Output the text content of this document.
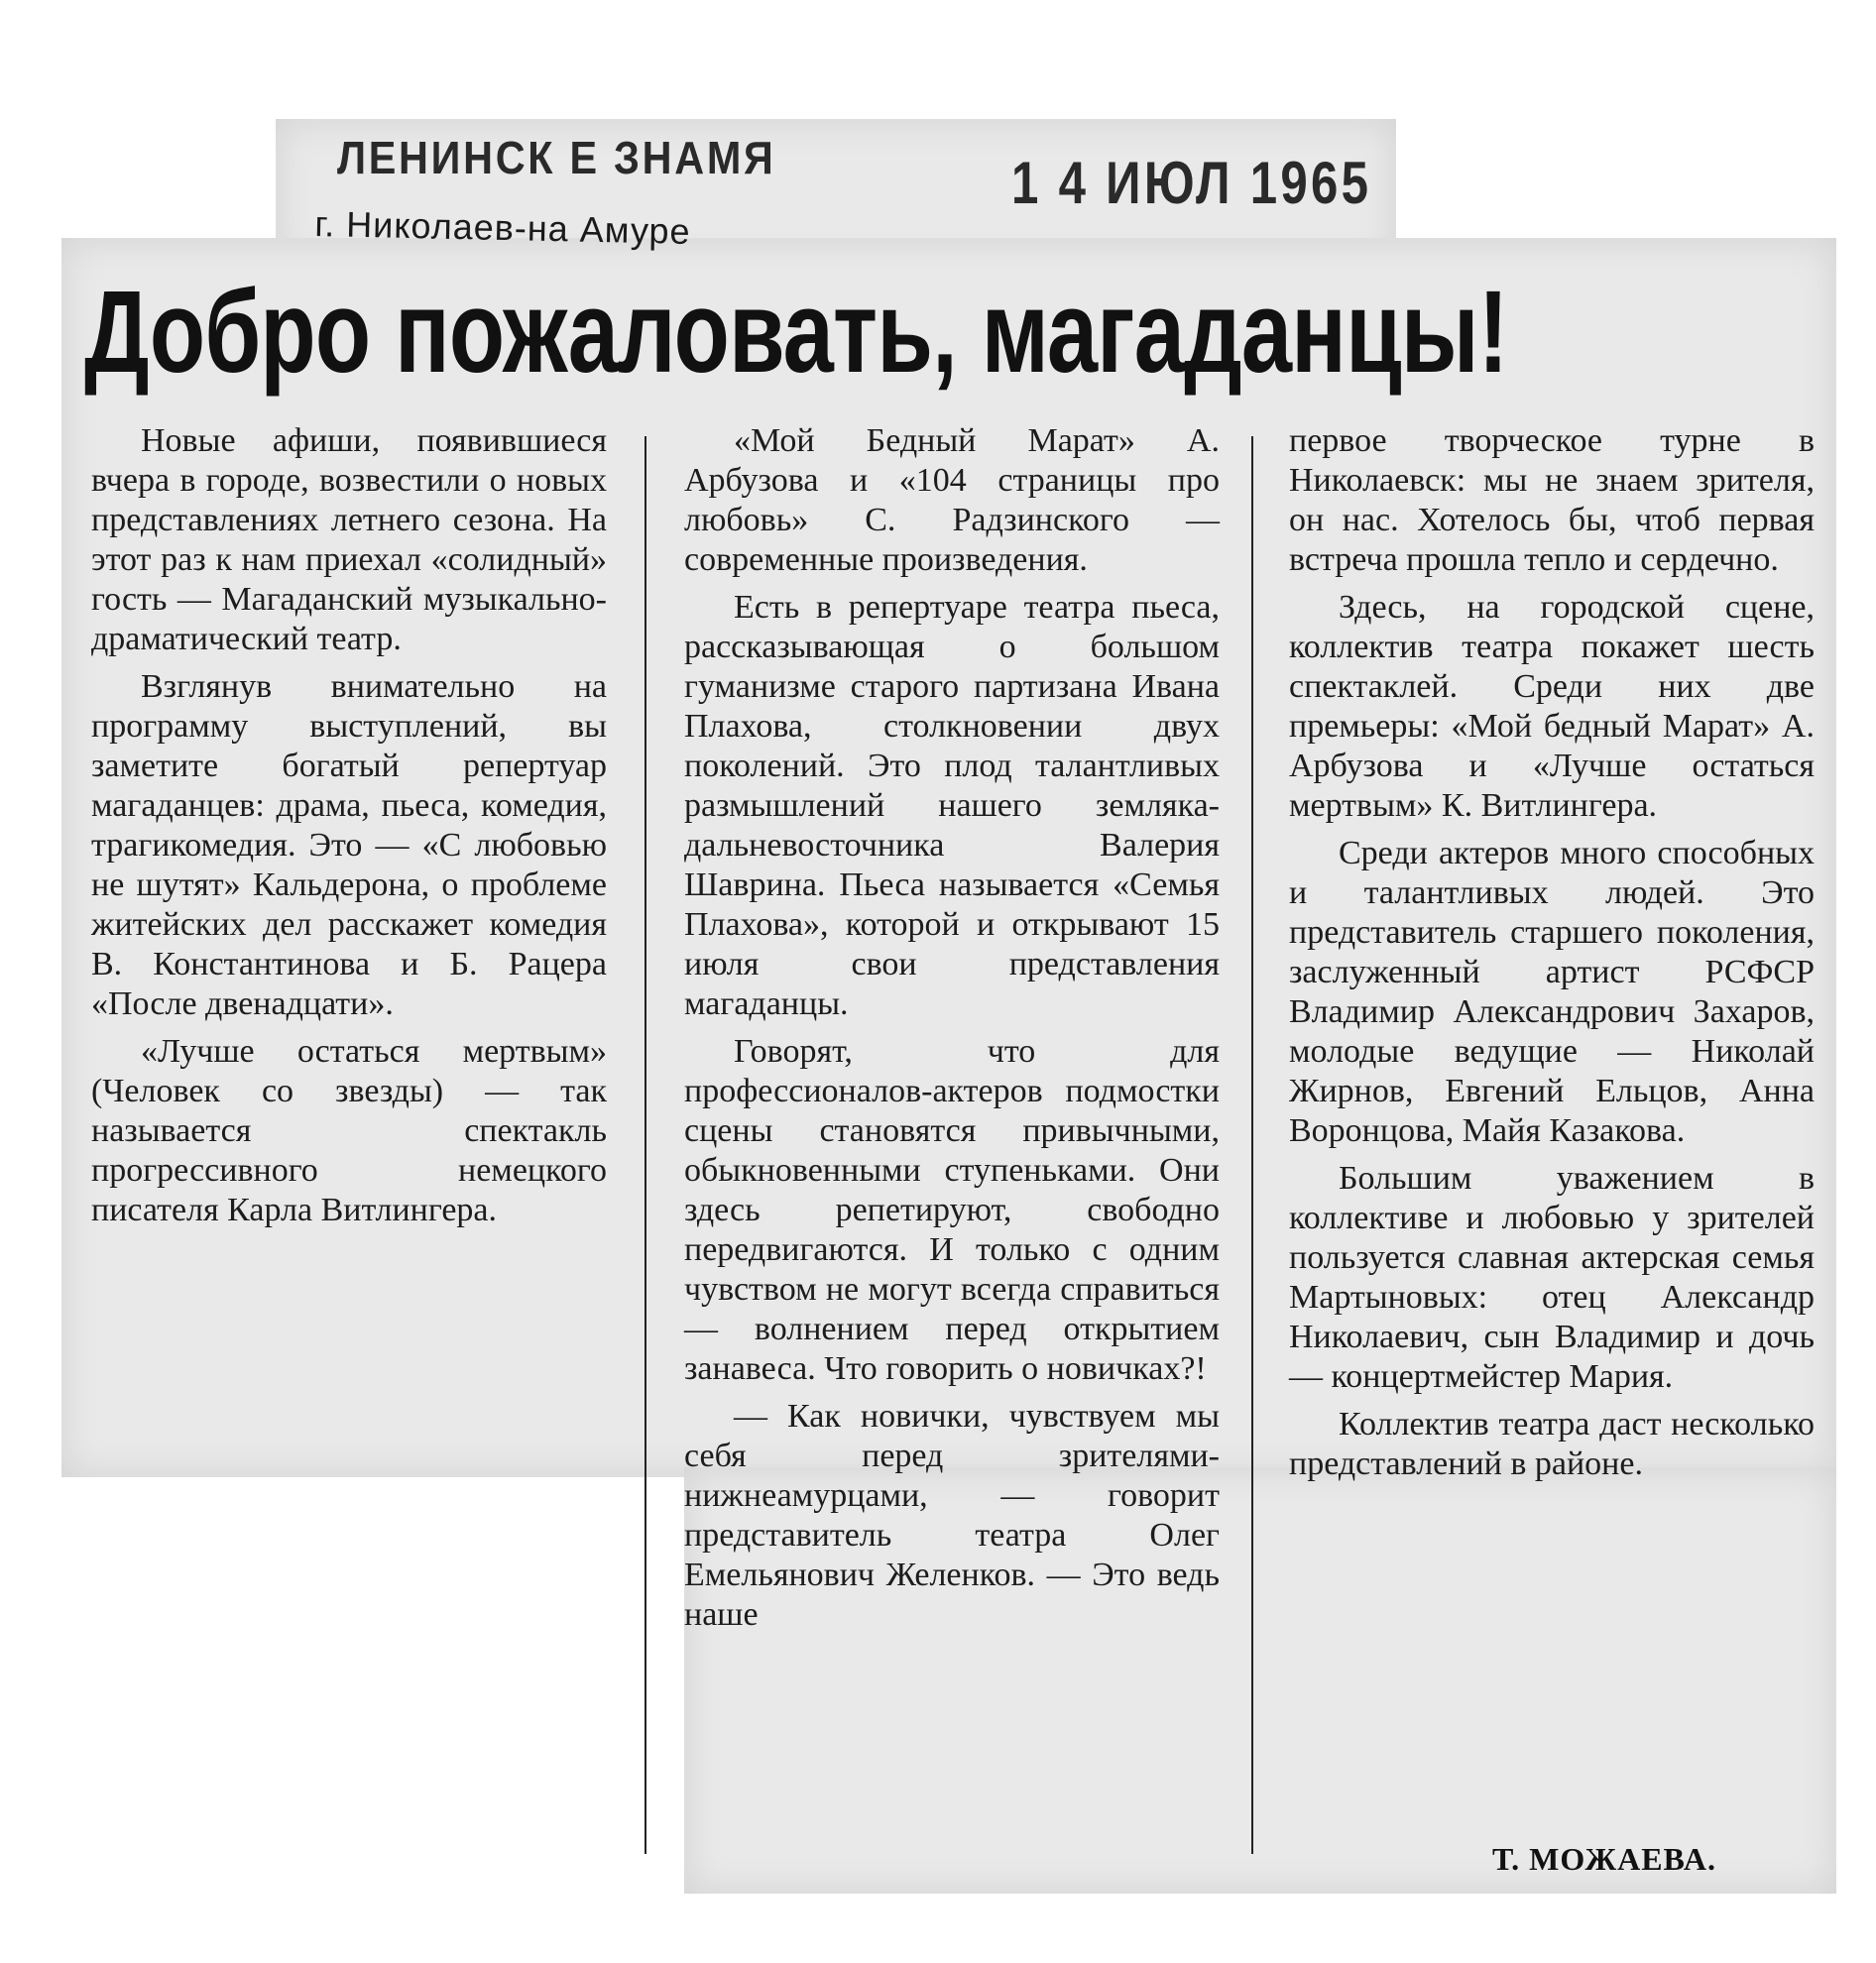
ЛЕНИНСК Е ЗНАМЯ	1 4 ИЮЛ 1965
г. Николаев-на Амуре
Добро пожаловать, магаданцы!

Новые афиши, появившиеся вчера в городе, возвестили о новых представлениях летнего сезона. На этот раз к нам приехал «солидный» гость — Магаданский музыкально-драматический театр.

Взглянув внимательно на программу выступлений, вы заметите богатый репертуар магаданцев: драма, пьеса, комедия, трагикомедия. Это — «С любовью не шутят» Кальдерона, о проблеме житейских дел расскажет комедия В. Константинова и Б. Рацера «После двенадцати».

«Лучше остаться мертвым» (Человек со звезды) — так называется спектакль прогрессивного немецкого писателя Карла Витлингера.

«Мой Бедный Марат» А. Арбузова и «104 страницы про любовь» С. Радзинского — современные произведения.

Есть в репертуаре театра пьеса, рассказывающая о большом гуманизме старого партизана Ивана Плахова, столкновении двух поколений. Это плод талантливых размышлений нашего земляка-дальневосточника Валерия Шаврина. Пьеса называется «Семья Плахова», которой и открывают 15 июля свои представления магаданцы.

Говорят, что для профессионалов-актеров подмостки сцены становятся привычными, обыкновенными ступеньками. Они здесь репетируют, свободно передвигаются. И только с одним чувством не могут всегда справиться — волнением перед открытием занавеса. Что говорить о новичках?!

— Как новички, чувствуем мы себя перед зрителями-нижнеамурцами, — говорит представитель театра Олег Емельянович Желенков. — Это ведь наше

первое творческое турне в Николаевск: мы не знаем зрителя, он нас. Хотелось бы, чтоб первая встреча прошла тепло и сердечно.

Здесь, на городской сцене, коллектив театра покажет шесть спектаклей. Среди них две премьеры: «Мой бедный Марат» А. Арбузова и «Лучше остаться мертвым» К. Витлингера.

Среди актеров много способных и талантливых людей. Это представитель старшего поколения, заслуженный артист РСФСР Владимир Александрович Захаров, молодые ведущие — Николай Жирнов, Евгений Ельцов, Анна Воронцова, Майя Казакова.

Большим уважением в коллективе и любовью у зрителей пользуется славная актерская семья Мартыновых: отец Александр Николаевич, сын Владимир и дочь — концертмейстер Мария.

Коллектив театра даст несколько представлений в районе.

Т. МОЖАЕВА.
